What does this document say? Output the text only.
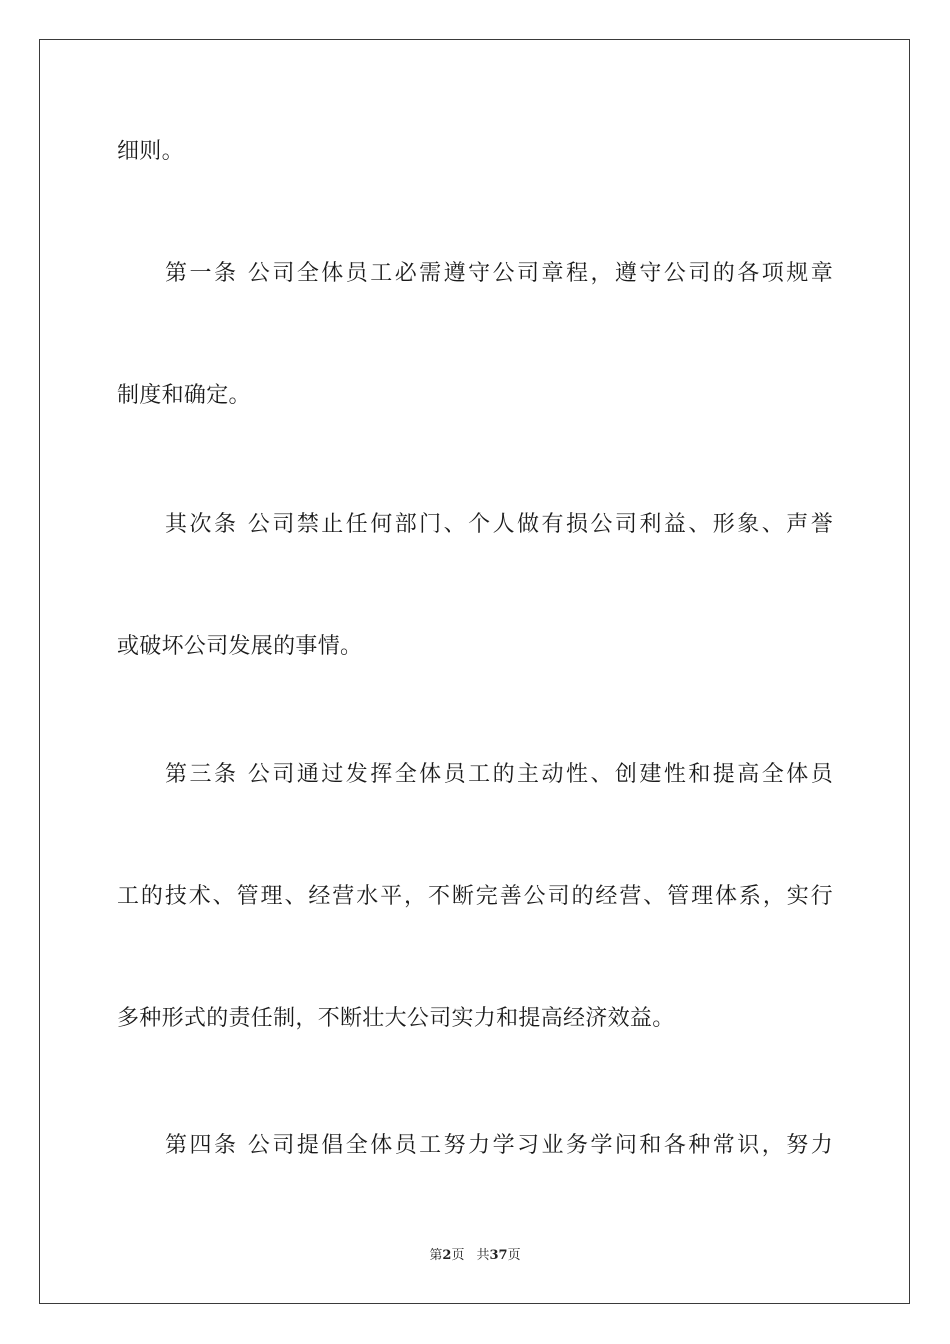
细则。
第一条 公司全体员工必需遵守公司章程，遵守公司的各项规章
制度和确定。
其次条 公司禁止任何部门、个人做有损公司利益、形象、声誉
或破坏公司发展的事情。
第三条 公司通过发挥全体员工的主动性、创建性和提高全体员
工的技术、管理、经营水平，不断完善公司的经营、管理体系，实行
多种形式的责任制，不断壮大公司实力和提高经济效益。
第四条 公司提倡全体员工努力学习业务学问和各种常识，努力
第2页 共37页
